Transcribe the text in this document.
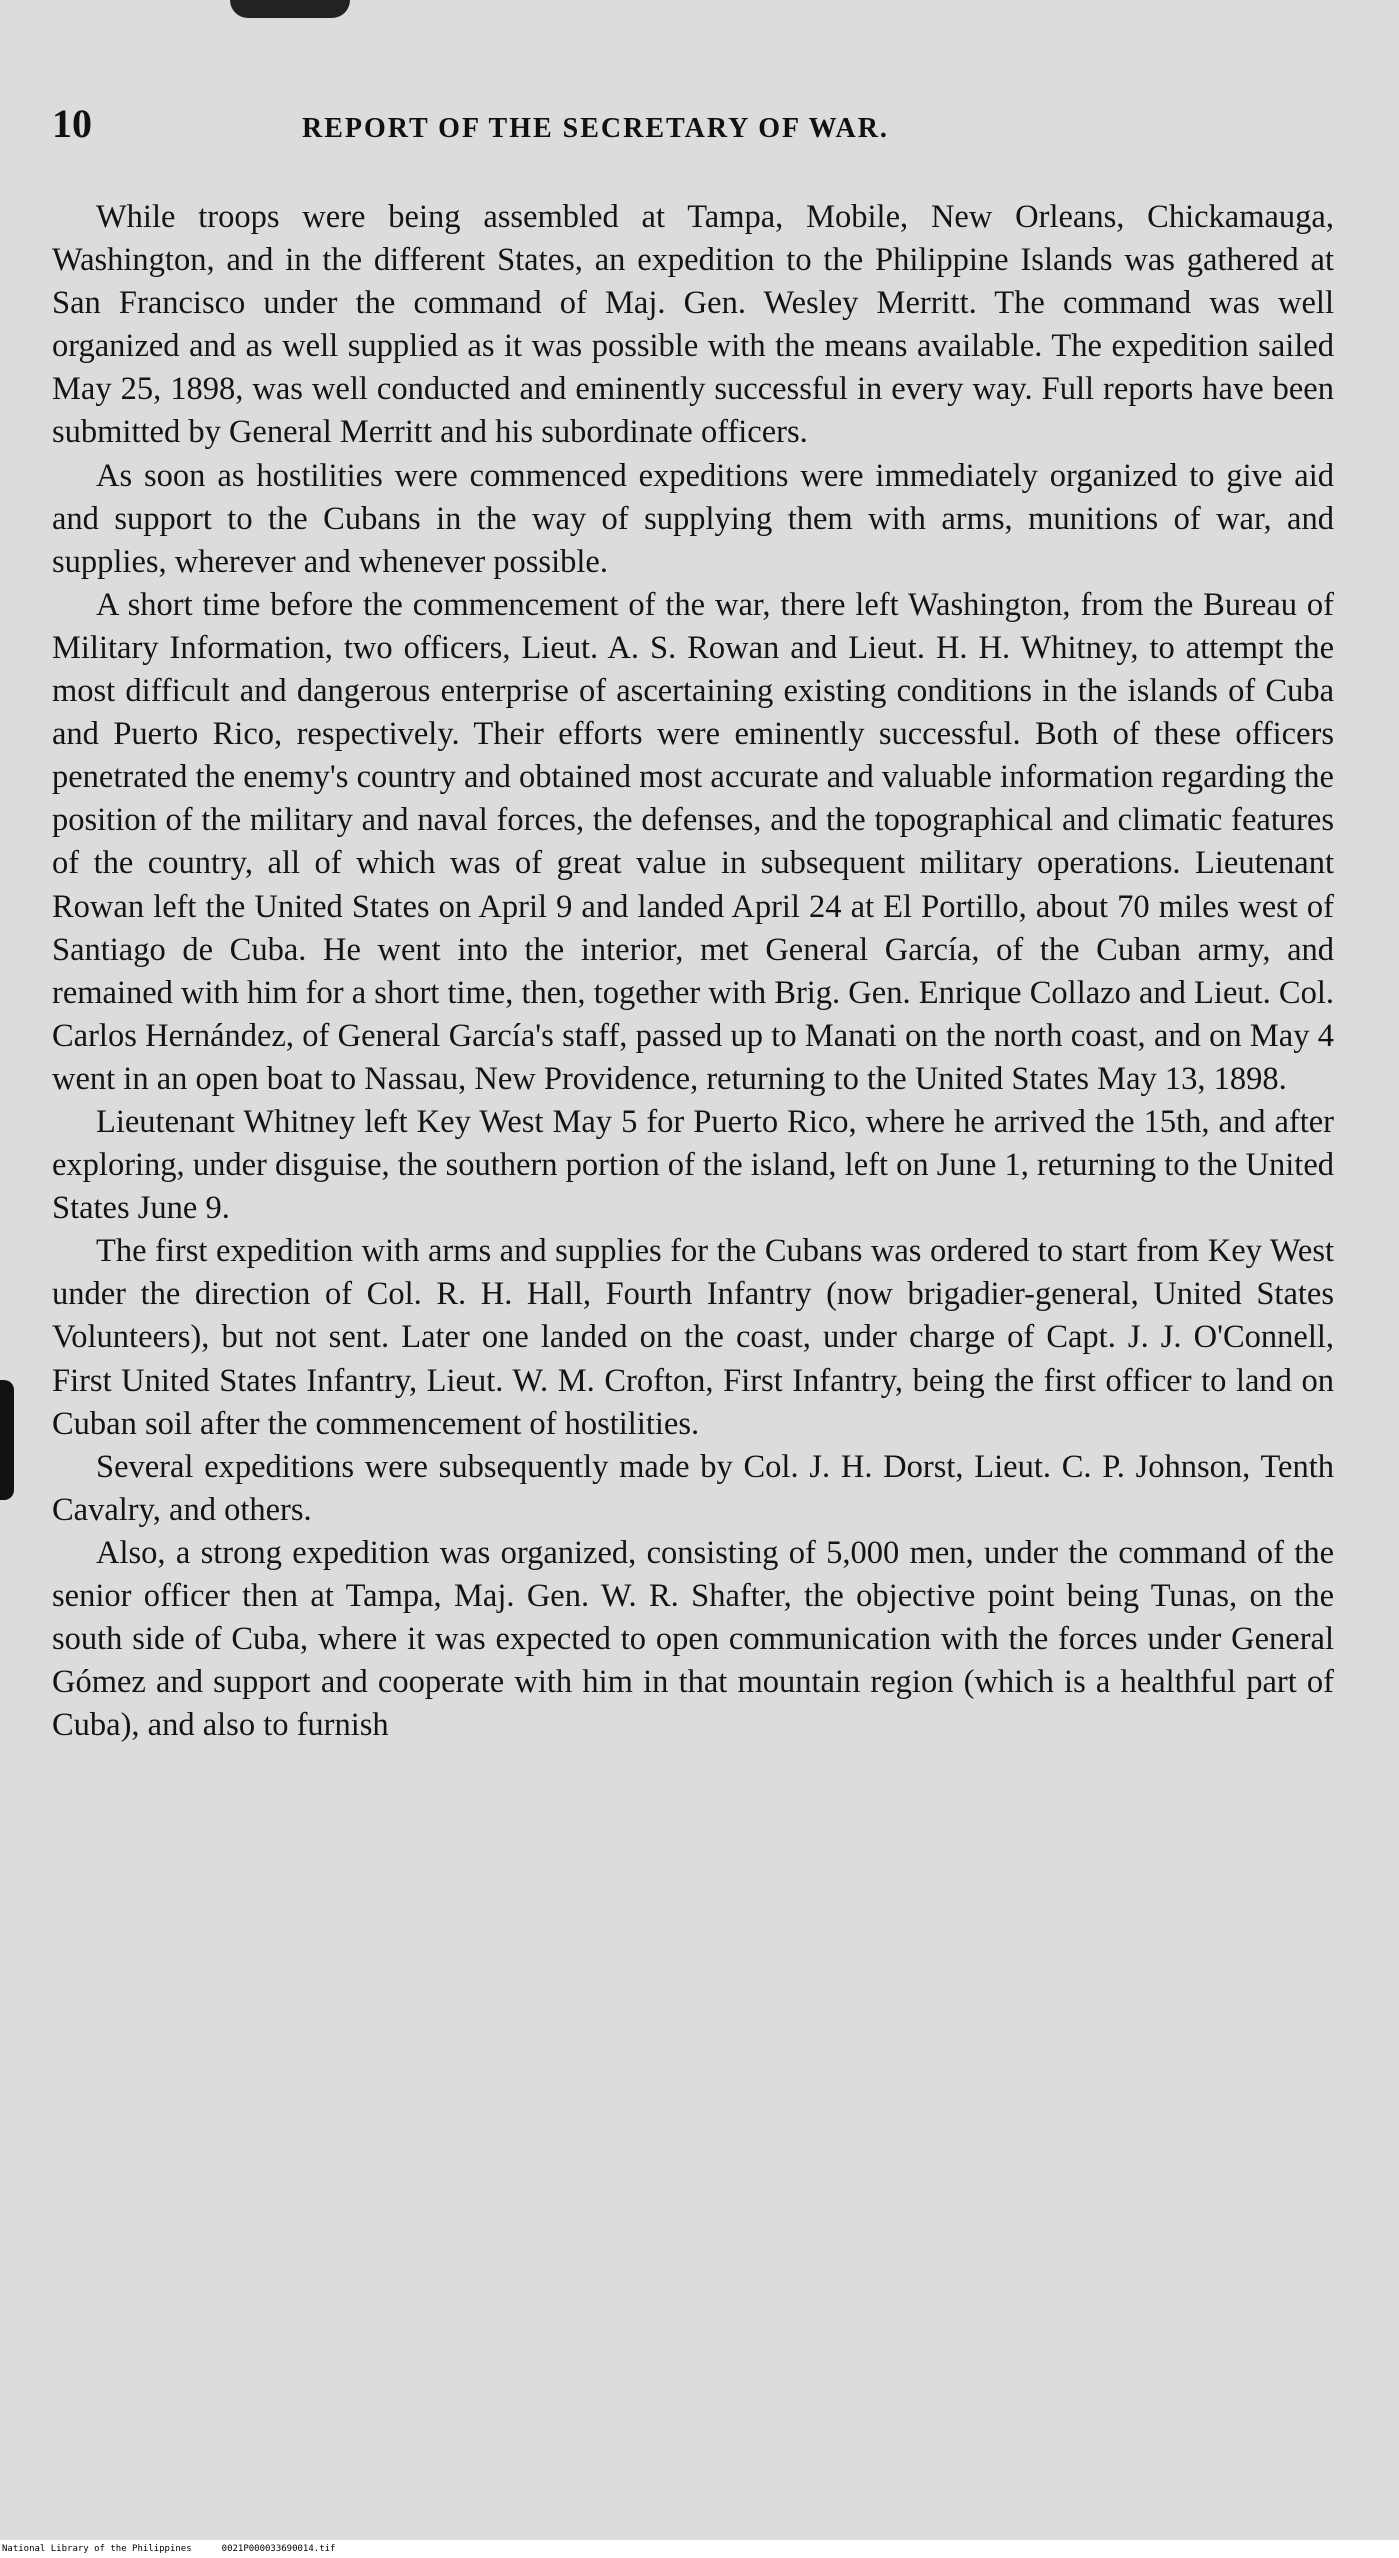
10	REPORT OF THE SECRETARY OF WAR.

While troops were being assembled at Tampa, Mobile, New Orleans, Chickamauga, Washington, and in the different States, an expedition to the Philippine Islands was gathered at San Francisco under the command of Maj. Gen. Wesley Merritt. The command was well organized and as well supplied as it was possible with the means available. The expedition sailed May 25, 1898, was well conducted and eminently successful in every way. Full reports have been submitted by General Merritt and his subordinate officers.

As soon as hostilities were commenced expeditions were immediately organized to give aid and support to the Cubans in the way of supplying them with arms, munitions of war, and supplies, wherever and whenever possible.

A short time before the commencement of the war, there left Washington, from the Bureau of Military Information, two officers, Lieut. A. S. Rowan and Lieut. H. H. Whitney, to attempt the most difficult and dangerous enterprise of ascertaining existing conditions in the islands of Cuba and Puerto Rico, respectively. Their efforts were eminently successful. Both of these officers penetrated the enemy's country and obtained most accurate and valuable information regarding the position of the military and naval forces, the defenses, and the topographical and climatic features of the country, all of which was of great value in subsequent military operations. Lieutenant Rowan left the United States on April 9 and landed April 24 at El Portillo, about 70 miles west of Santiago de Cuba. He went into the interior, met General García, of the Cuban army, and remained with him for a short time, then, together with Brig. Gen. Enrique Collazo and Lieut. Col. Carlos Hernández, of General García's staff, passed up to Manati on the north coast, and on May 4 went in an open boat to Nassau, New Providence, returning to the United States May 13, 1898.

Lieutenant Whitney left Key West May 5 for Puerto Rico, where he arrived the 15th, and after exploring, under disguise, the southern portion of the island, left on June 1, returning to the United States June 9.

The first expedition with arms and supplies for the Cubans was ordered to start from Key West under the direction of Col. R. H. Hall, Fourth Infantry (now brigadier-general, United States Volunteers), but not sent. Later one landed on the coast, under charge of Capt. J. J. O'Connell, First United States Infantry, Lieut. W. M. Crofton, First Infantry, being the first officer to land on Cuban soil after the commencement of hostilities.

Several expeditions were subsequently made by Col. J. H. Dorst, Lieut. C. P. Johnson, Tenth Cavalry, and others.

Also, a strong expedition was organized, consisting of 5,000 men, under the command of the senior officer then at Tampa, Maj. Gen. W. R. Shafter, the objective point being Tunas, on the south side of Cuba, where it was expected to open communication with the forces under General Gómez and support and cooperate with him in that mountain region (which is a healthful part of Cuba), and also to furnish

National Library of the Philippines	0021P000033690014.tif
